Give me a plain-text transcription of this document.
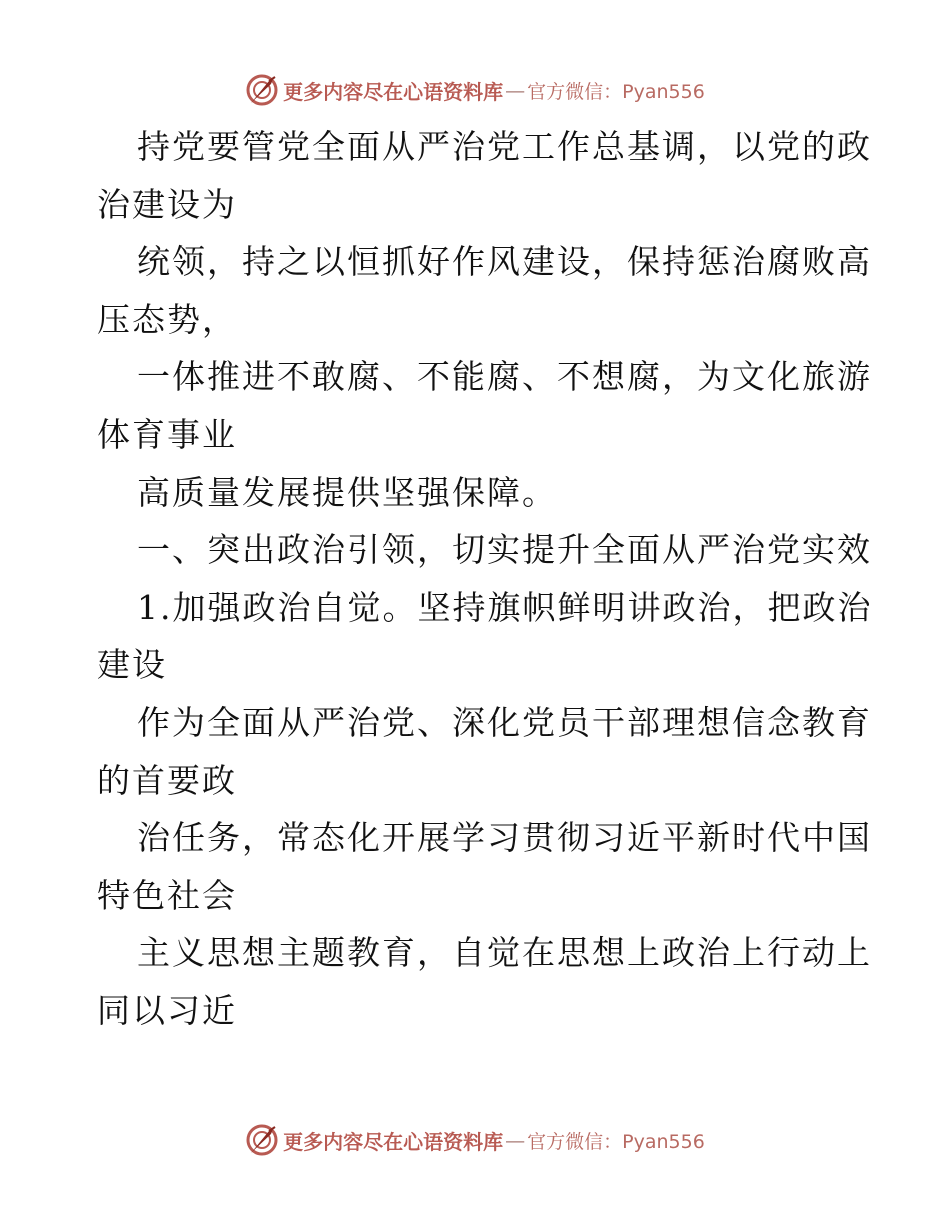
更多内容尽在心语资料库 — 官方微信：Pyan556
持党要管党全面从严治党工作总基调，以党的政
治建设为
统领，持之以恒抓好作风建设，保持惩治腐败高
压态势，
一体推进不敢腐、不能腐、不想腐，为文化旅游
体育事业
高质量发展提供坚强保障。
一、突出政治引领，切实提升全面从严治党实效
1.加强政治自觉。坚持旗帜鲜明讲政治，把政治
建设
作为全面从严治党、深化党员干部理想信念教育
的首要政
治任务，常态化开展学习贯彻习近平新时代中国
特色社会
主义思想主题教育，自觉在思想上政治上行动上
同以习近
更多内容尽在心语资料库 — 官方微信：Pyan556
